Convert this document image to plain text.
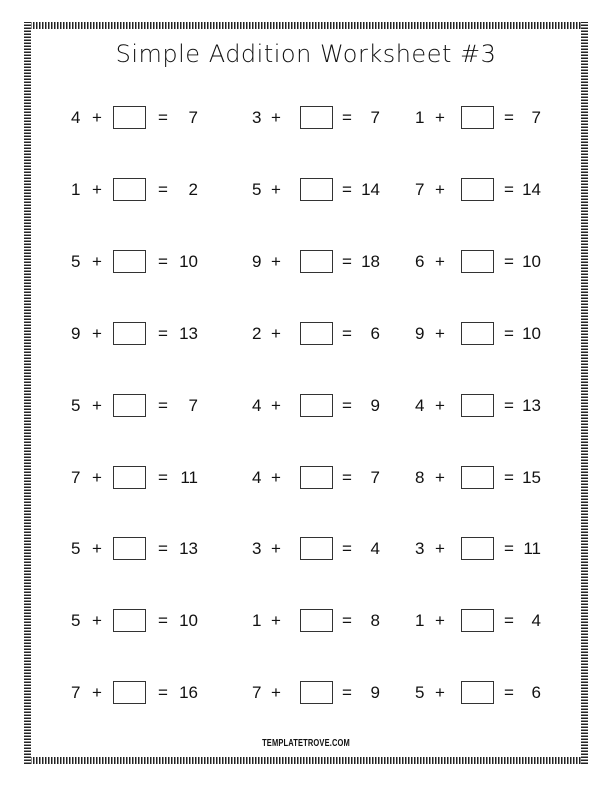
Simple Addition Worksheet #3
4 +	=	7	3 +	=	7 1 +	=	7
1 +	=	2	5 +	= 14 7 +	= 14
5 +	= 10	9 +	= 18 6 +	= 10
9 +	= 13	2 +	=	6 9 +	= 10
5 +	=	7	4 +	=	9 4 +	= 13
7 +	= 11	4 +	=	7 8 +	= 15
5 +	= 13	3 +	=	4 3 +	= 11
5 +	= 10	1 +	=	8 1 +	=	4
7 +	= 16	7 +	=	9 5 +	=	6
TEMPLATETROVE.COM
